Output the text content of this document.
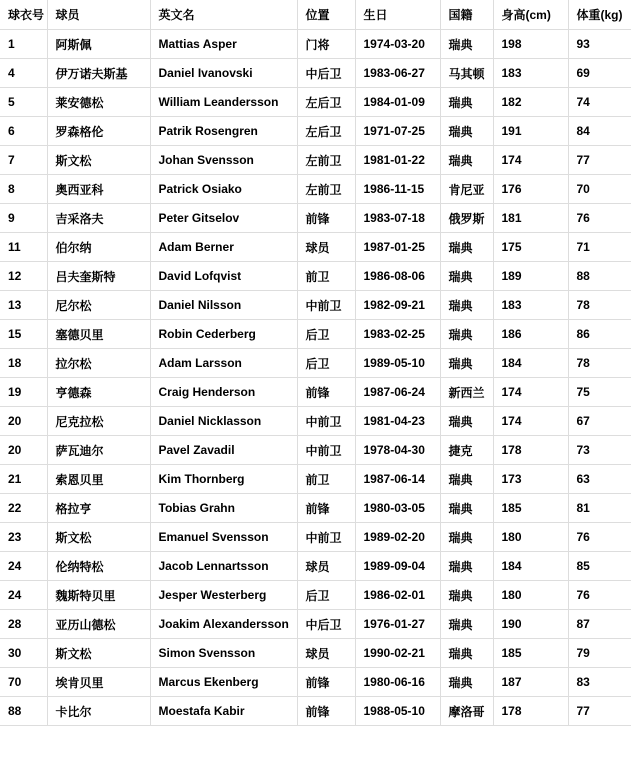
球衣号	球员	英文名	位置	生日	国籍	身高(cm)	体重(kg)
1	阿斯佩	Mattias Asper	门将	1974-03-20	瑞典	198	93
4	伊万诺夫斯基	Daniel Ivanovski	中后卫	1983-06-27	马其顿	183	69
5	莱安德松	William Leandersson	左后卫	1984-01-09	瑞典	182	74
6	罗森格伦	Patrik Rosengren	左后卫	1971-07-25	瑞典	191	84
7	斯文松	Johan Svensson	左前卫	1981-01-22	瑞典	174	77
8	奥西亚科	Patrick Osiako	左前卫	1986-11-15	肯尼亚	176	70
9	吉采洛夫	Peter Gitselov	前锋	1983-07-18	俄罗斯	181	76
11	伯尔纳	Adam Berner	球员	1987-01-25	瑞典	175	71
12	吕夫奎斯特	David Lofqvist	前卫	1986-08-06	瑞典	189	88
13	尼尔松	Daniel Nilsson	中前卫	1982-09-21	瑞典	183	78
15	塞德贝里	Robin Cederberg	后卫	1983-02-25	瑞典	186	86
18	拉尔松	Adam Larsson	后卫	1989-05-10	瑞典	184	78
19	亨德森	Craig Henderson	前锋	1987-06-24	新西兰	174	75
20	尼克拉松	Daniel Nicklasson	中前卫	1981-04-23	瑞典	174	67
20	萨瓦迪尔	Pavel Zavadil	中前卫	1978-04-30	捷克	178	73
21	索恩贝里	Kim Thornberg	前卫	1987-06-14	瑞典	173	63
22	格拉亨	Tobias Grahn	前锋	1980-03-05	瑞典	185	81
23	斯文松	Emanuel Svensson	中前卫	1989-02-20	瑞典	180	76
24	伦纳特松	Jacob Lennartsson	球员	1989-09-04	瑞典	184	85
24	魏斯特贝里	Jesper Westerberg	后卫	1986-02-01	瑞典	180	76
28	亚历山德松	Joakim Alexandersson	中后卫	1976-01-27	瑞典	190	87
30	斯文松	Simon Svensson	球员	1990-02-21	瑞典	185	79
70	埃肯贝里	Marcus Ekenberg	前锋	1980-06-16	瑞典	187	83
88	卡比尔	Moestafa Kabir	前锋	1988-05-10	摩洛哥	178	77
